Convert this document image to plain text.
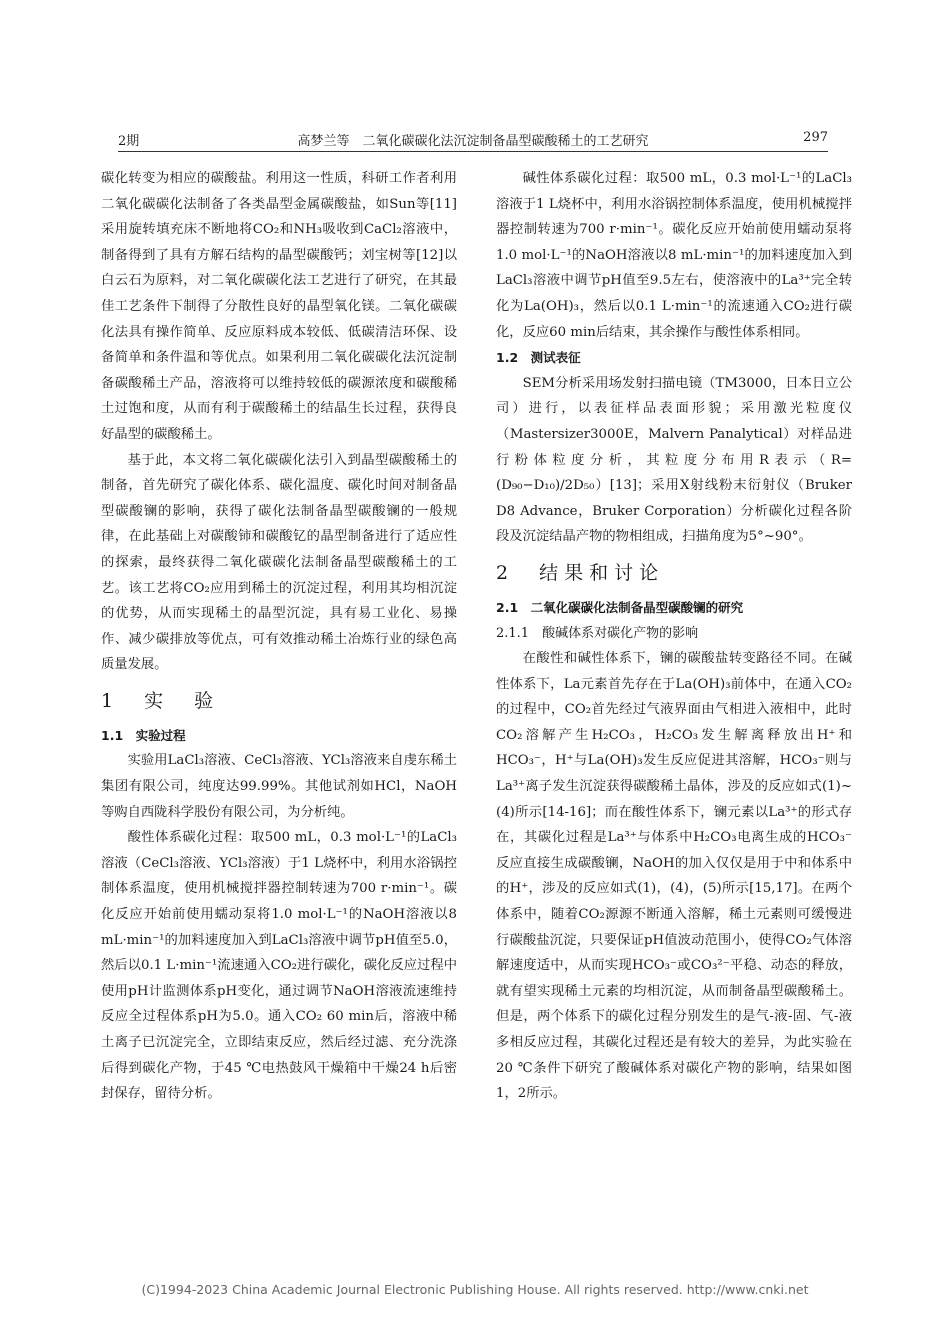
2期	高梦兰等　二氧化碳碳化法沉淀制备晶型碳酸稀土的工艺研究	297

碳化转变为相应的碳酸盐。利用这一性质，科研工作者利用二氧化碳碳化法制备了各类晶型金属碳酸盐，如Sun等[11]采用旋转填充床不断地将CO₂和NH₃吸收到CaCl₂溶液中，制备得到了具有方解石结构的晶型碳酸钙；刘宝树等[12]以白云石为原料，对二氧化碳碳化法工艺进行了研究，在其最佳工艺条件下制得了分散性良好的晶型氧化镁。二氧化碳碳化法具有操作简单、反应原料成本较低、低碳清洁环保、设备简单和条件温和等优点。如果利用二氧化碳碳化法沉淀制备碳酸稀土产品，溶液将可以维持较低的碳源浓度和碳酸稀土过饱和度，从而有利于碳酸稀土的结晶生长过程，获得良好晶型的碳酸稀土。

基于此，本文将二氧化碳碳化法引入到晶型碳酸稀土的制备，首先研究了碳化体系、碳化温度、碳化时间对制备晶型碳酸镧的影响，获得了碳化法制备晶型碳酸镧的一般规律，在此基础上对碳酸铈和碳酸钇的晶型制备进行了适应性的探索，最终获得二氧化碳碳化法制备晶型碳酸稀土的工艺。该工艺将CO₂应用到稀土的沉淀过程，利用其均相沉淀的优势，从而实现稀土的晶型沉淀，具有易工业化、易操作、减少碳排放等优点，可有效推动稀土冶炼行业的绿色高质量发展。

1　实　验
1.1　实验过程

实验用LaCl₃溶液、CeCl₃溶液、YCl₃溶液来自虔东稀土集团有限公司，纯度达99.99%。其他试剂如HCl，NaOH等购自西陇科学股份有限公司，为分析纯。

酸性体系碳化过程：取500 mL，0.3 mol·L⁻¹的LaCl₃溶液（CeCl₃溶液、YCl₃溶液）于1 L烧杯中，利用水浴锅控制体系温度，使用机械搅拌器控制转速为700 r·min⁻¹。碳化反应开始前使用蠕动泵将1.0 mol·L⁻¹的NaOH溶液以8 mL·min⁻¹的加料速度加入到LaCl₃溶液中调节pH值至5.0，然后以0.1 L·min⁻¹流速通入CO₂进行碳化，碳化反应过程中使用pH计监测体系pH变化，通过调节NaOH溶液流速维持反应全过程体系pH为5.0。通入CO₂ 60 min后，溶液中稀土离子已沉淀完全，立即结束反应，然后经过滤、充分洗涤后得到碳化产物，于45 ℃电热鼓风干燥箱中干燥24 h后密封保存，留待分析。

碱性体系碳化过程：取500 mL，0.3 mol·L⁻¹的LaCl₃溶液于1 L烧杯中，利用水浴锅控制体系温度，使用机械搅拌器控制转速为700 r·min⁻¹。碳化反应开始前使用蠕动泵将1.0 mol·L⁻¹的NaOH溶液以8 mL·min⁻¹的加料速度加入到LaCl₃溶液中调节pH值至9.5左右，使溶液中的La³⁺完全转化为La(OH)₃，然后以0.1 L·min⁻¹的流速通入CO₂进行碳化，反应60 min后结束，其余操作与酸性体系相同。

1.2　测试表征

SEM分析采用场发射扫描电镜（TM3000，日本日立公司）进行，以表征样品表面形貌；采用激光粒度仪（Mastersizer3000E，Malvern Panalytical）对样品进行粉体粒度分析，其粒度分布用R表示（R=(D₉₀−D₁₀)/2D₅₀）[13]；采用X射线粉末衍射仪（Bruker D8 Advance，Bruker Corporation）分析碳化过程各阶段及沉淀结晶产物的物相组成，扫描角度为5°~90°。

2　结果和讨论
2.1　二氧化碳碳化法制备晶型碳酸镧的研究
2.1.1　酸碱体系对碳化产物的影响

在酸性和碱性体系下，镧的碳酸盐转变路径不同。在碱性体系下，La元素首先存在于La(OH)₃前体中，在通入CO₂的过程中，CO₂首先经过气液界面由气相进入液相中，此时CO₂溶解产生H₂CO₃，H₂CO₃发生解离释放出H⁺和HCO₃⁻，H⁺与La(OH)₃发生反应促进其溶解，HCO₃⁻则与La³⁺离子发生沉淀获得碳酸稀土晶体，涉及的反应如式(1)~(4)所示[14-16]；而在酸性体系下，镧元素以La³⁺的形式存在，其碳化过程是La³⁺与体系中H₂CO₃电离生成的HCO₃⁻反应直接生成碳酸镧，NaOH的加入仅仅是用于中和体系中的H⁺，涉及的反应如式(1)，(4)，(5)所示[15,17]。在两个体系中，随着CO₂源源不断通入溶解，稀土元素则可缓慢进行碳酸盐沉淀，只要保证pH值波动范围小，使得CO₂气体溶解速度适中，从而实现HCO₃⁻或CO₃²⁻平稳、动态的释放，就有望实现稀土元素的均相沉淀，从而制备晶型碳酸稀土。但是，两个体系下的碳化过程分别发生的是气-液-固、气-液多相反应过程，其碳化过程还是有较大的差异，为此实验在20 ℃条件下研究了酸碱体系对碳化产物的影响，结果如图1，2所示。

(C)1994-2023 China Academic Journal Electronic Publishing House. All rights reserved. http://www.cnki.net
